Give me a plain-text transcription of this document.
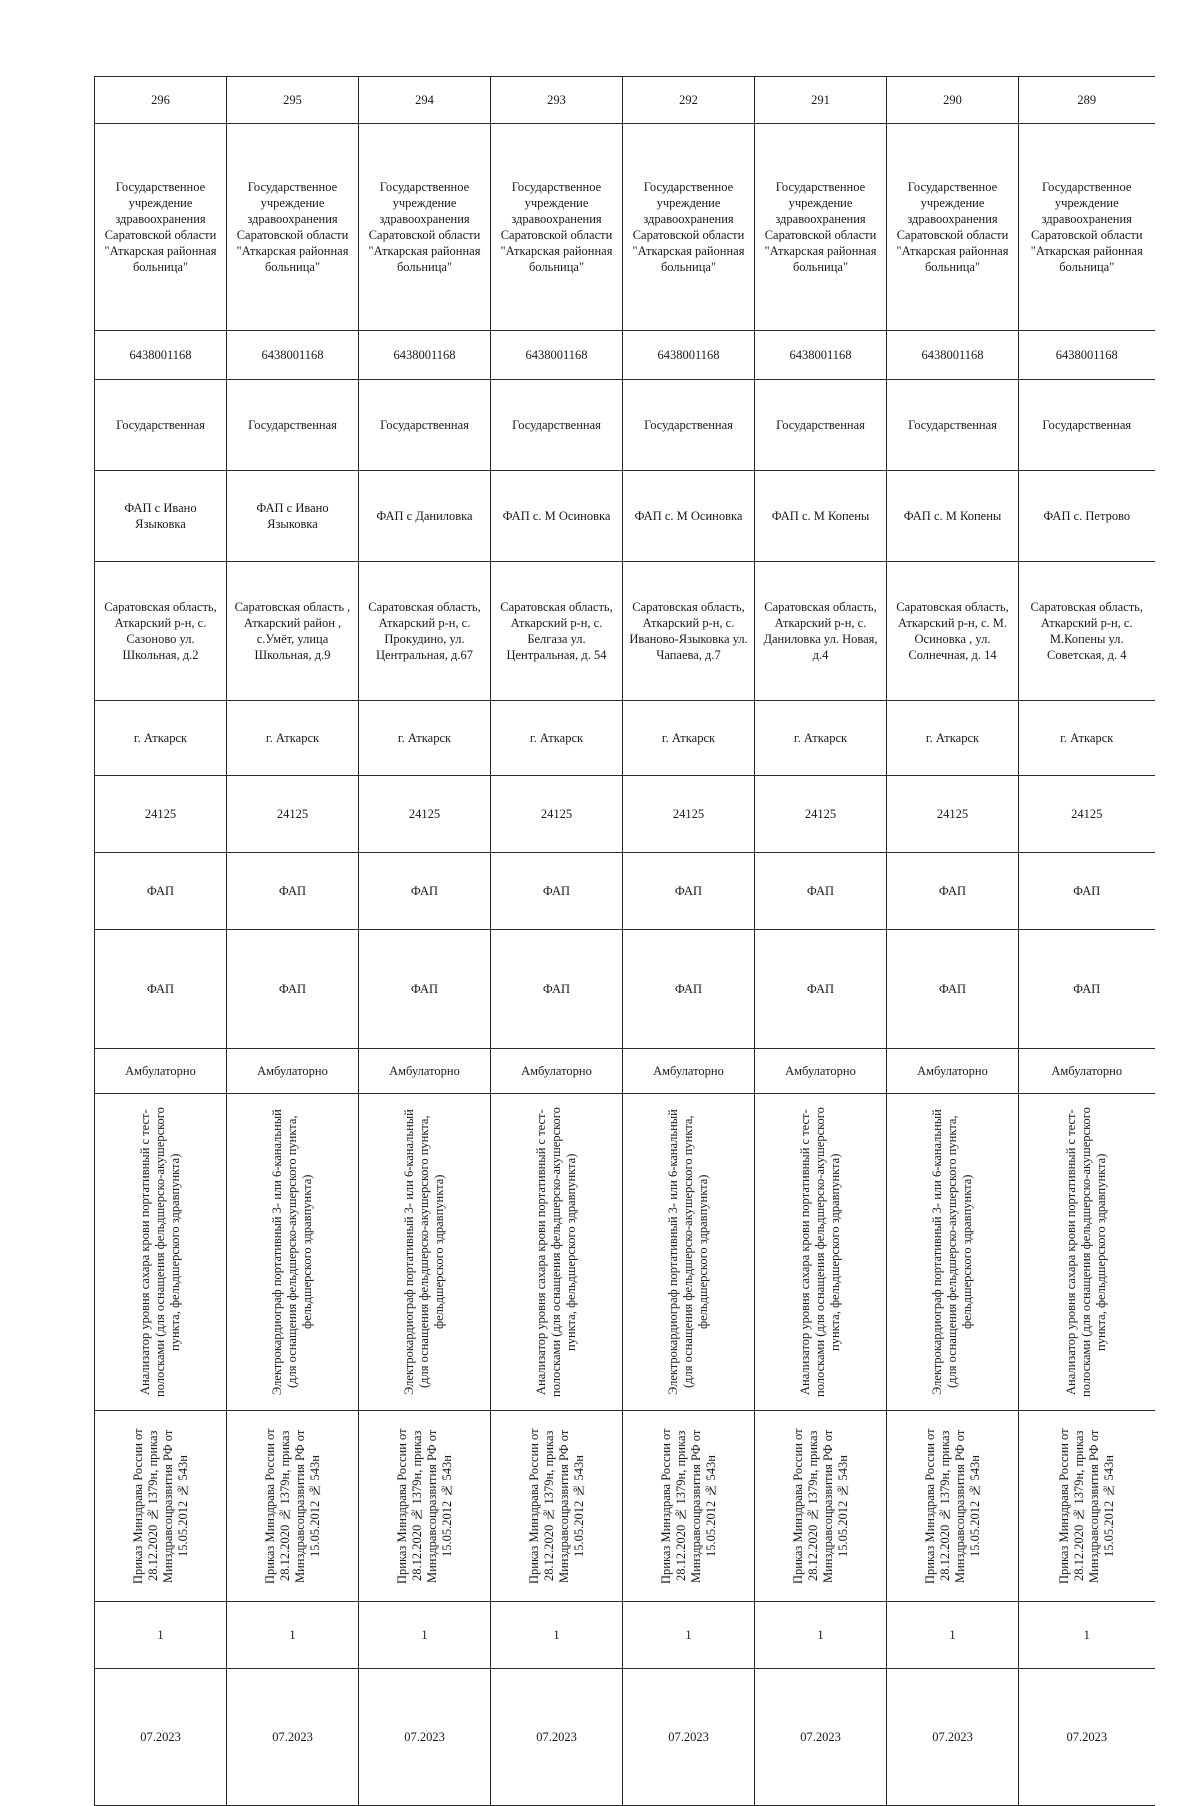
296	295	294	293	292	291	290	289
Государственное учреждение здравоохранения Саратовской области "Аткарская районная больница"	Государственное учреждение здравоохранения Саратовской области "Аткарская районная больница"	Государственное учреждение здравоохранения Саратовской области "Аткарская районная больница"	Государственное учреждение здравоохранения Саратовской области "Аткарская районная больница"	Государственное учреждение здравоохранения Саратовской области "Аткарская районная больница"	Государственное учреждение здравоохранения Саратовской области "Аткарская районная больница"	Государственное учреждение здравоохранения Саратовской области "Аткарская районная больница"	Государственное учреждение здравоохранения Саратовской области "Аткарская районная больница"
6438001168	6438001168	6438001168	6438001168	6438001168	6438001168	6438001168	6438001168
Государственная	Государственная	Государственная	Государственная	Государственная	Государственная	Государственная	Государственная
ФАП с Ивано Языковка	ФАП с Ивано Языковка	ФАП с Даниловка	ФАП с. М Осиновка	ФАП с. М Осиновка	ФАП с. М Копены	ФАП с. М Копены	ФАП с. Петрово
Саратовская область, Аткарский р-н, с. Сазоново ул. Школьная, д.2	Саратовская область , Аткарский район , с.Умёт, улица Школьная, д.9	Саратовская область, Аткарский р-н, с. Прокудино, ул. Центральная, д.67	Саратовская область, Аткарский р-н, с. Белгаза ул. Центральная, д. 54	Саратовская область, Аткарский р-н, с. Иваново-Языковка ул. Чапаева, д.7	Саратовская область, Аткарский р-н, с. Даниловка ул. Новая, д.4	Саратовская область, Аткарский р-н, с. М. Осиновка , ул. Солнечная, д. 14	Саратовская область, Аткарский р-н, с. М.Копены ул. Советская, д. 4
г. Аткарск	г. Аткарск	г. Аткарск	г. Аткарск	г. Аткарск	г. Аткарск	г. Аткарск	г. Аткарск
24125	24125	24125	24125	24125	24125	24125	24125
ФАП	ФАП	ФАП	ФАП	ФАП	ФАП	ФАП	ФАП
ФАП	ФАП	ФАП	ФАП	ФАП	ФАП	ФАП	ФАП
Амбулаторно	Амбулаторно	Амбулаторно	Амбулаторно	Амбулаторно	Амбулаторно	Амбулаторно	Амбулаторно

Анализатор уровня сахара крови портативный с тест-полосками (для оснащения фельдшерско-акушерского пункта, фельдшерского здравпункта)	Электрокардиограф портативный 3- или 6-канальный (для оснащения фельдшерско-акушерского пункта, фельдшерского здравпункта)	Электрокардиограф портативный 3- или 6-канальный (для оснащения фельдшерско-акушерского пункта, фельдшерского здравпункта)	Анализатор уровня сахара крови портативный с тест-полосками (для оснащения фельдшерско-акушерского пункта, фельдшерского здравпункта)	Электрокардиограф портативный 3- или 6-канальный (для оснащения фельдшерско-акушерского пункта, фельдшерского здравпункта)	Анализатор уровня сахара крови портативный с тест-полосками (для оснащения фельдшерско-акушерского пункта, фельдшерского здравпункта)	Электрокардиограф портативный 3- или 6-канальный (для оснащения фельдшерско-акушерского пункта, фельдшерского здравпункта)	Анализатор уровня сахара крови портативный с тест-полосками (для оснащения фельдшерско-акушерского пункта, фельдшерского здравпункта)

Приказ Минздрава России от 28.12.2020 № 1379н, приказ Минздравсоцразвития РФ от 15.05.2012 № 543н	Приказ Минздрава России от 28.12.2020 № 1379н, приказ Минздравсоцразвития РФ от 15.05.2012 № 543н	Приказ Минздрава России от 28.12.2020 № 1379н, приказ Минздравсоцразвития РФ от 15.05.2012 № 543н	Приказ Минздрава России от 28.12.2020 № 1379н, приказ Минздравсоцразвития РФ от 15.05.2012 № 543н	Приказ Минздрава России от 28.12.2020 № 1379н, приказ Минздравсоцразвития РФ от 15.05.2012 № 543н	Приказ Минздрава России от 28.12.2020 № 1379н, приказ Минздравсоцразвития РФ от 15.05.2012 № 543н	Приказ Минздрава России от 28.12.2020 № 1379н, приказ Минздравсоцразвития РФ от 15.05.2012 № 543н	Приказ Минздрава России от 28.12.2020 № 1379н, приказ Минздравсоцразвития РФ от 15.05.2012 № 543н

1	1	1	1	1	1	1	1
07.2023	07.2023	07.2023	07.2023	07.2023	07.2023	07.2023	07.2023
